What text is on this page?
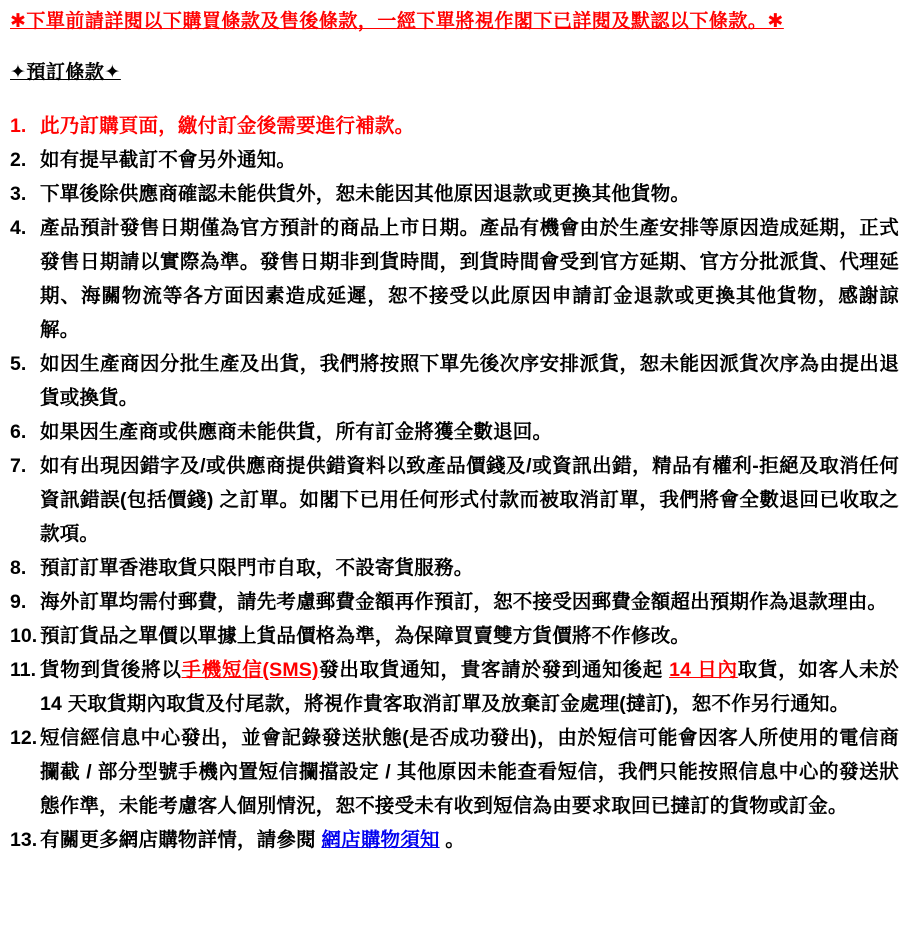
✱下單前請詳閱以下購買條款及售後條款，一經下單將視作閣下已詳閱及默認以下條款。✱
✦預訂條款✦
1. 此乃訂購頁面，繳付訂金後需要進行補款。
2. 如有提早截訂不會另外通知。
3. 下單後除供應商確認未能供貨外，恕未能因其他原因退款或更換其他貨物。
4. 產品預計發售日期僅為官方預計的商品上市日期。產品有機會由於生產安排等原因造成延期，正式發售日期請以實際為準。發售日期非到貨時間，到貨時間會受到官方延期、官方分批派貨、代理延期、海關物流等各方面因素造成延遲，恕不接受以此原因申請訂金退款或更換其他貨物，感謝諒解。
5. 如因生產商因分批生產及出貨，我們將按照下單先後次序安排派貨，恕未能因派貨次序為由提出退貨或換貨。
6. 如果因生產商或供應商未能供貨，所有訂金將獲全數退回。
7. 如有出現因錯字及/或供應商提供錯資料以致產品價錢及/或資訊出錯，精品有權利-拒絕及取消任何資訊錯誤(包括價錢) 之訂單。如閣下已用任何形式付款而被取消訂單，我們將會全數退回已收取之款項。
8. 預訂訂單香港取貨只限門市自取，不設寄貨服務。
9. 海外訂單均需付郵費，請先考慮郵費金額再作預訂，恕不接受因郵費金額超出預期作為退款理由。
10. 預訂貨品之單價以單據上貨品價格為準，為保障買賣雙方貨價將不作修改。
11. 貨物到貨後將以手機短信(SMS)發出取貨通知，貴客請於發到通知後起 14 日內取貨，如客人未於 14 天取貨期內取貨及付尾款，將視作貴客取消訂單及放棄訂金處理(撻訂)，恕不作另行通知。
12. 短信經信息中心發出，並會記錄發送狀態(是否成功發出)，由於短信可能會因客人所使用的電信商攔截 / 部分型號手機內置短信攔擋設定 / 其他原因未能查看短信，我們只能按照信息中心的發送狀態作準，未能考慮客人個別情況，恕不接受未有收到短信為由要求取回已撻訂的貨物或訂金。
13. 有關更多網店購物詳情，請參閱 網店購物須知 。
